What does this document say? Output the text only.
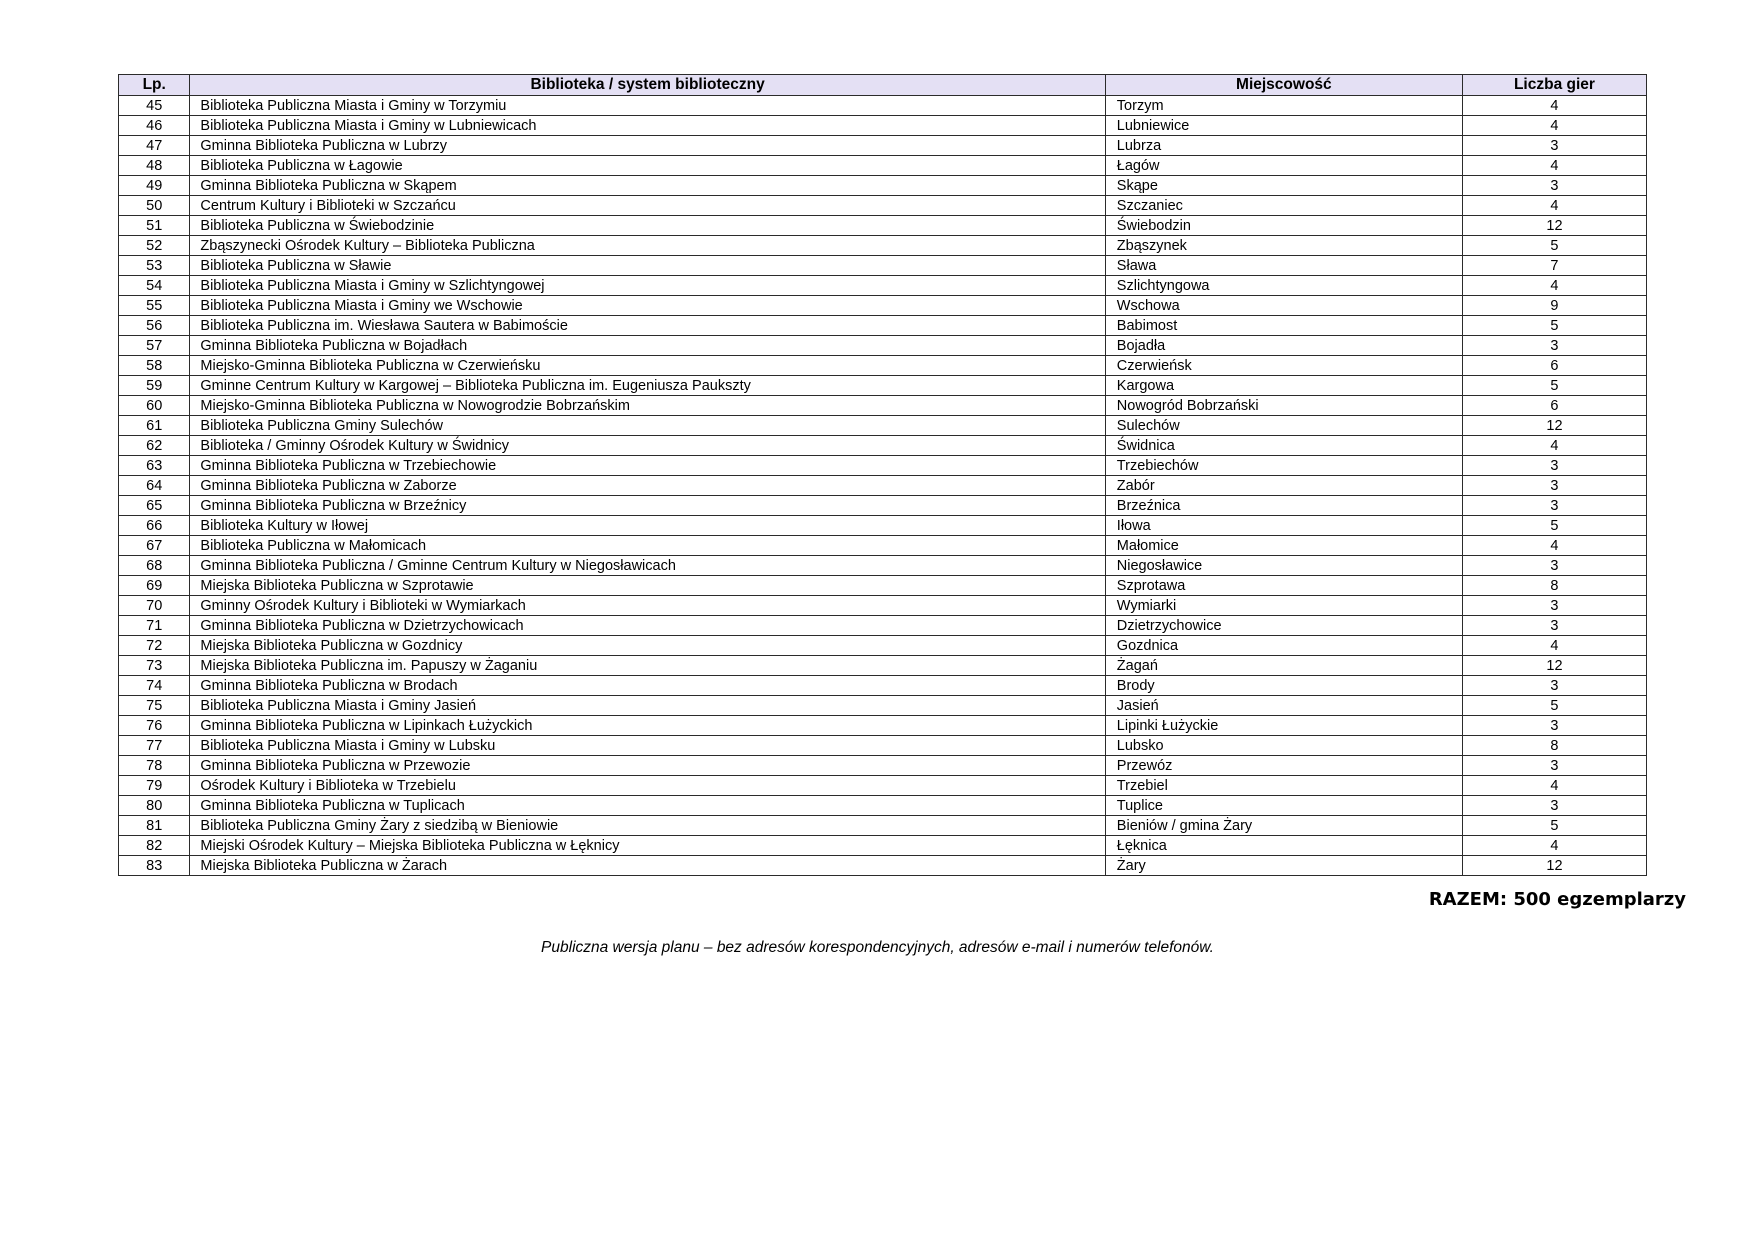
Lp.	Biblioteka / system biblioteczny	Miejscowość	Liczba gier
45	Biblioteka Publiczna Miasta i Gminy w Torzymiu	Torzym	4
46	Biblioteka Publiczna Miasta i Gminy w Lubniewicach	Lubniewice	4
47	Gminna Biblioteka Publiczna w Lubrzy	Lubrza	3
48	Biblioteka Publiczna w Łagowie	Łagów	4
49	Gminna Biblioteka Publiczna w Skąpem	Skąpe	3
50	Centrum Kultury i Biblioteki w Szczańcu	Szczaniec	4
51	Biblioteka Publiczna w Świebodzinie	Świebodzin	12
52	Zbąszynecki Ośrodek Kultury – Biblioteka Publiczna	Zbąszynek	5
53	Biblioteka Publiczna w Sławie	Sława	7
54	Biblioteka Publiczna Miasta i Gminy w Szlichtyngowej	Szlichtyngowa	4
55	Biblioteka Publiczna Miasta i Gminy we Wschowie	Wschowa	9
56	Biblioteka Publiczna im. Wiesława Sautera w Babimoście	Babimost	5
57	Gminna Biblioteka Publiczna w Bojadłach	Bojadła	3
58	Miejsko-Gminna Biblioteka Publiczna w Czerwieńsku	Czerwieńsk	6
59	Gminne Centrum Kultury w Kargowej – Biblioteka Publiczna im. Eugeniusza Paukszty	Kargowa	5
60	Miejsko-Gminna Biblioteka Publiczna w Nowogrodzie Bobrzańskim	Nowogród Bobrzański	6
61	Biblioteka Publiczna Gminy Sulechów	Sulechów	12
62	Biblioteka / Gminny Ośrodek Kultury w Świdnicy	Świdnica	4
63	Gminna Biblioteka Publiczna w Trzebiechowie	Trzebiechów	3
64	Gminna Biblioteka Publiczna w Zaborze	Zabór	3
65	Gminna Biblioteka Publiczna w Brzeźnicy	Brzeźnica	3
66	Biblioteka Kultury w Iłowej	Iłowa	5
67	Biblioteka Publiczna w Małomicach	Małomice	4
68	Gminna Biblioteka Publiczna / Gminne Centrum Kultury w Niegosławicach	Niegosławice	3
69	Miejska Biblioteka Publiczna w Szprotawie	Szprotawa	8
70	Gminny Ośrodek Kultury i Biblioteki w Wymiarkach	Wymiarki	3
71	Gminna Biblioteka Publiczna w Dzietrzychowicach	Dzietrzychowice	3
72	Miejska Biblioteka Publiczna w Gozdnicy	Gozdnica	4
73	Miejska Biblioteka Publiczna im. Papuszy w Żaganiu	Żagań	12
74	Gminna Biblioteka Publiczna w Brodach	Brody	3
75	Biblioteka Publiczna Miasta i Gminy Jasień	Jasień	5
76	Gminna Biblioteka Publiczna w Lipinkach Łużyckich	Lipinki Łużyckie	3
77	Biblioteka Publiczna Miasta i Gminy w Lubsku	Lubsko	8
78	Gminna Biblioteka Publiczna w Przewozie	Przewóz	3
79	Ośrodek Kultury i Biblioteka w Trzebielu	Trzebiel	4
80	Gminna Biblioteka Publiczna w Tuplicach	Tuplice	3
81	Biblioteka Publiczna Gminy Żary z siedzibą w Bieniowie	Bieniów / gmina Żary	5
82	Miejski Ośrodek Kultury – Miejska Biblioteka Publiczna w Łęknicy	Łęknica	4
83	Miejska Biblioteka Publiczna w Żarach	Żary	12
RAZEM: 500 egzemplarzy
Publiczna wersja planu – bez adresów korespondencyjnych, adresów e-mail i numerów telefonów.
